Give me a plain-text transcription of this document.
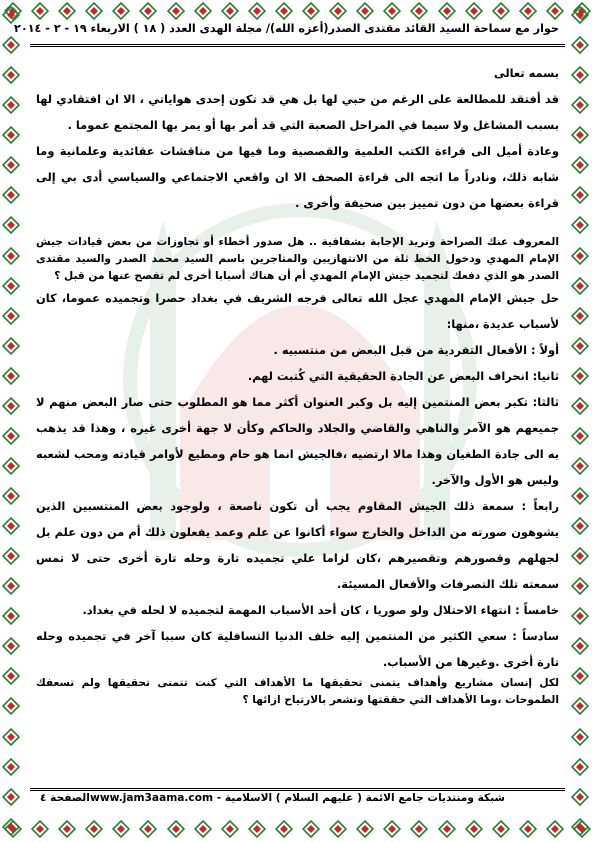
حوار مع سماحة السيد القائد مقتدى الصدر(أعزه الله)/ مجلة الهدى العدد ( ١٨ ) الاربعاء ١٩ - ٢ - ٢٠١٤

بسمه تعالى

قد أفتقد للمطالعة على الرغم من حبي لها بل هي قد تكون إحدى هواياتي ، الا ان افتقادي لها بسبب المشاغل ولا سيما في المراحل الصعبة التي قد أمر بها أو يمر بها المجتمع عموما .

وعادة أميل الى قراءة الكتب العلمية والقصصية وما فيها من مناقشات عقائدية وعلمانية وما شابه ذلك، ونادراً ما اتجه الى قراءة الصحف الا ان واقعي الاجتماعي والسياسي أدى بي إلى قراءة بعضها من دون تمييز بين صحيفة وأخرى .

المعروف عنك الصراحة ونريد الإجابة بشفافية .. هل صدور أخطاء أو تجاوزات من بعض قيادات جيش الإمام المهدي ودخول الخط ثلة من الانتهازيين والمتاجرين باسم السيد محمد الصدر والسيد مقتدى الصدر هو الذي دفعك لتجميد جيش الإمام المهدي أم أن هناك أسبابا أخرى لم تفصح عنها من قبل ؟

حل جيش الإمام المهدي عجل الله تعالى فرجه الشريف في بغداد حصرا وتجميده عموما، كان لأسباب عديدة ،منها:

أولاً : الأفعال التفردية من قبل البعض من منتسبيه .

ثانيا: انحراف البعض عن الجادة الحقيقية التي كُتبت لهم.

ثالثا: تكبر بعض المنتمين إليه بل وكبر العنوان أكثر مما هو المطلوب حتى صار البعض منهم لا جميعهم هو الآمر والناهي والقاضي والجلاد والحاكم وكأن لا جهة أخرى غيره ، وهذا قد يذهب به الى جادة الطغيان وهذا مالا ارتضيه ،فالجيش انما هو حام ومطيع لأوامر قيادته ومحب لشعبه وليس هو الأول والآخر.

رابعاً : سمعة ذلك الجيش المقاوم يجب أن تكون ناصعة ، ولوجود بعض المنتسبين الذين يشوهون صورته من الداخل والخارج سواء أكانوا عن علم وعمد يفعلون ذلك أم من دون علم بل لجهلهم وقصورهم وتقصيرهم ،كان لزاما علي تجميده تارة وحله تارة أخرى حتى لا تمس سمعته تلك التصرفات والأفعال المسيئة.

خامساً : انتهاء الاحتلال ولو صوريا ، كان أحد الأسباب المهمة لتجميده لا لحله في بغداد.

سادساً : سعي الكثير من المنتمين إليه خلف الدنيا التسافلية كان سببا آخر في تجميده وحله تارة أخرى .وغيرها من الأسباب.

لكل إنسان مشاريع وأهداف يتمنى تحقيقها ما الأهداف التي كنت تتمنى تحقيقها ولم تسعفك الطموحات ،وما الأهداف التي حققتها وتشعر بالارتياح ازائها ؟

شبكة ومنتديات جامع الائمة ( عليهم السلام ) الاسلامية - www.jam3aama.com
الصفحة ٤
